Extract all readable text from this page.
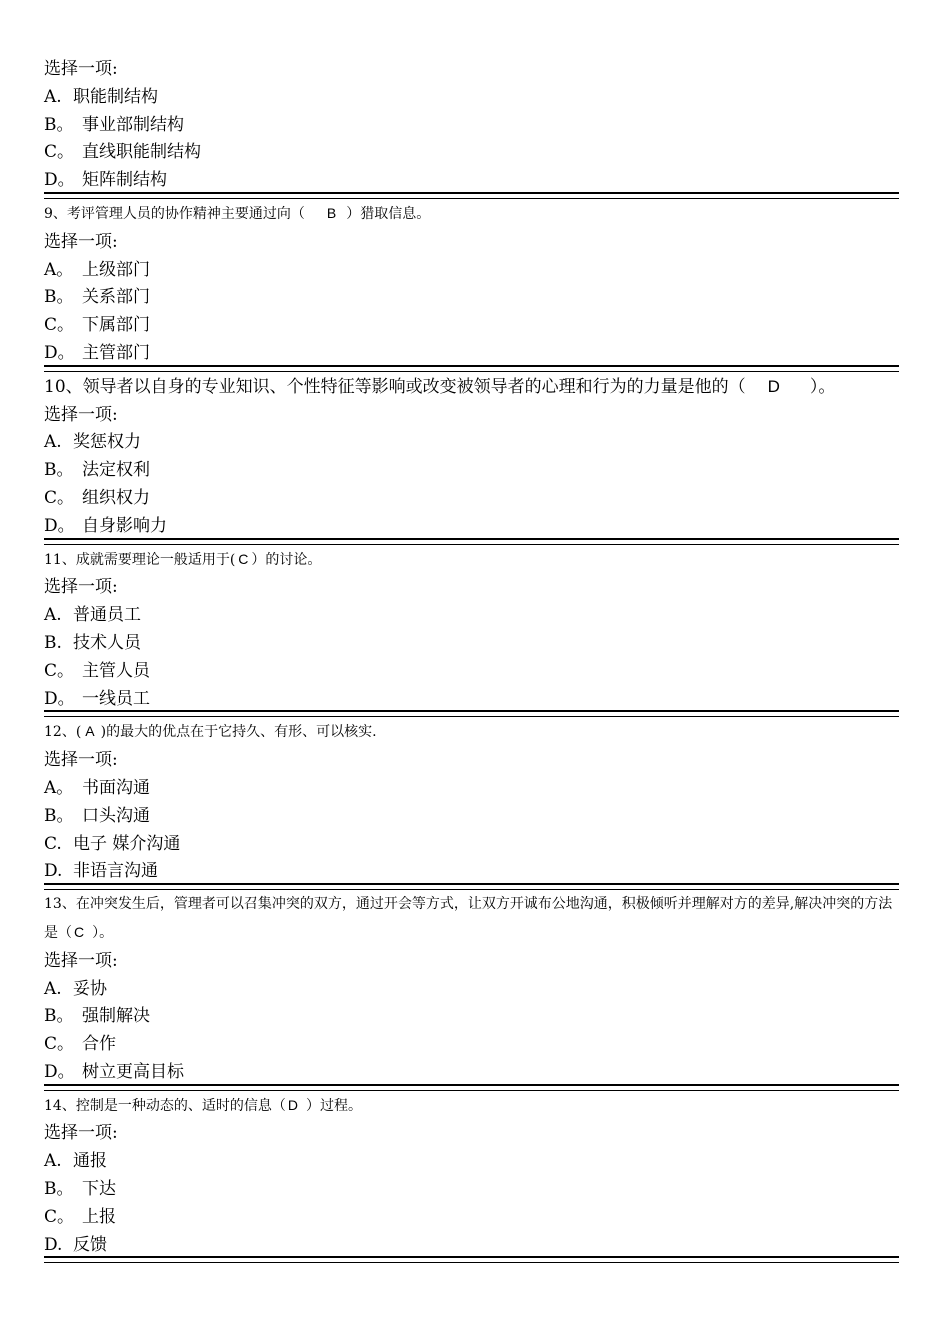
选择一项:
A. 职能制结构
B。 事业部制结构
C。 直线职能制结构
D。 矩阵制结构
9、考评管理人员的协作精神主要通过向（ B ）猎取信息。
选择一项:
A。 上级部门
B。 关系部门
C。 下属部门
D。 主管部门
10、领导者以自身的专业知识、个性特征等影响或改变被领导者的心理和行为的力量是他的（ D ）。
选择一项:
A. 奖惩权力
B。 法定权利
C。 组织权力
D。 自身影响力
11、成就需要理论一般适用于( C ）的讨论。
选择一项:
A. 普通员工
B. 技术人员
C。 主管人员
D。 一线员工
12、( A )的最大的优点在于它持久、有形、可以核实.
选择一项:
A。 书面沟通
B。 口头沟通
C. 电子 媒介沟通
D. 非语言沟通
13、在冲突发生后，管理者可以召集冲突的双方，通过开会等方式，让双方开诚布公地沟通，积极倾听并理解对方的差异,解决冲突的方法是（ C ）。
选择一项:
A. 妥协
B。 强制解决
C。 合作
D。 树立更高目标
14、控制是一种动态的、适时的信息（ D ）过程。
选择一项:
A. 通报
B。 下达
C。 上报
D. 反馈
